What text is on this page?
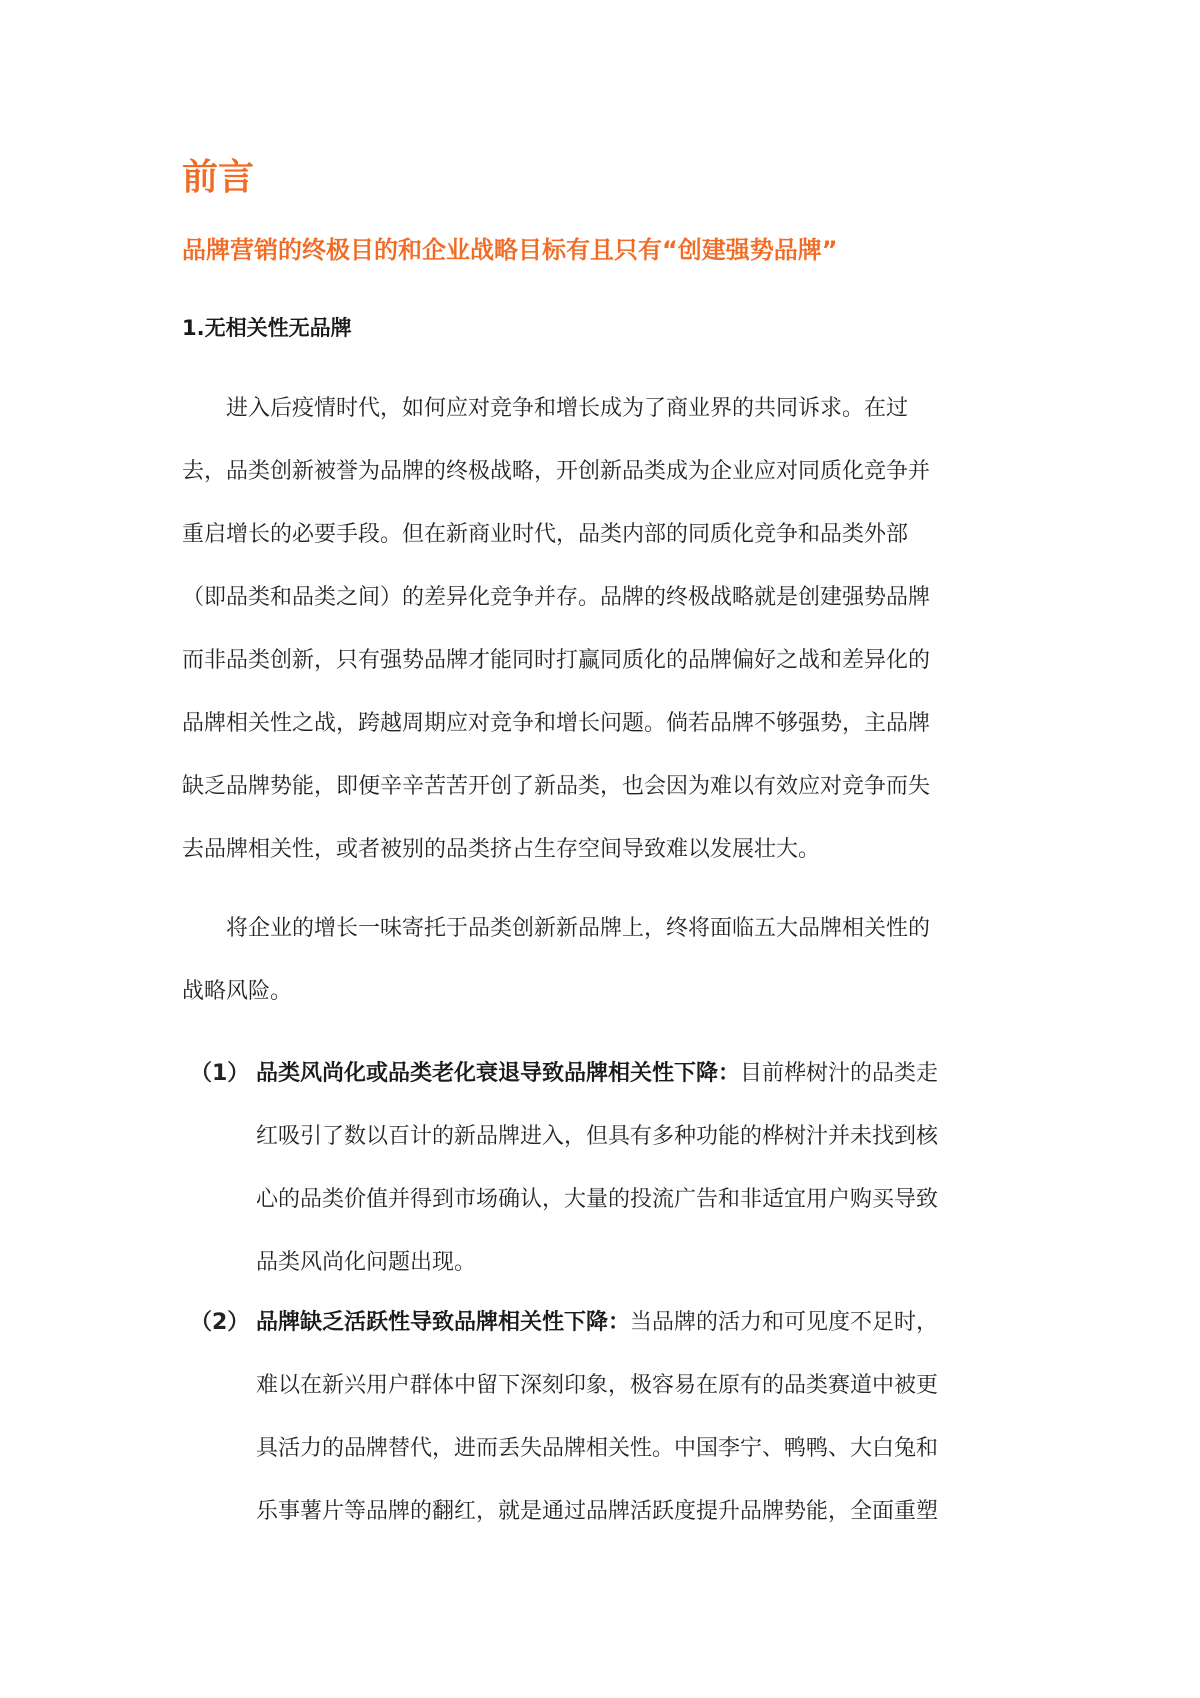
前言
品牌营销的终极目的和企业战略目标有且只有“创建强势品牌”
1.无相关性无品牌
　　进入后疫情时代，如何应对竞争和增长成为了商业界的共同诉求。在过
去，品类创新被誉为品牌的终极战略，开创新品类成为企业应对同质化竞争并
重启增长的必要手段。但在新商业时代，品类内部的同质化竞争和品类外部
（即品类和品类之间）的差异化竞争并存。品牌的终极战略就是创建强势品牌
而非品类创新，只有强势品牌才能同时打赢同质化的品牌偏好之战和差异化的
品牌相关性之战，跨越周期应对竞争和增长问题。倘若品牌不够强势，主品牌
缺乏品牌势能，即便辛辛苦苦开创了新品类，也会因为难以有效应对竞争而失
去品牌相关性，或者被别的品类挤占生存空间导致难以发展壮大。
　　将企业的增长一味寄托于品类创新新品牌上，终将面临五大品牌相关性的
战略风险。
（1） 品类风尚化或品类老化衰退导致品牌相关性下降：目前桦树汁的品类走
红吸引了数以百计的新品牌进入，但具有多种功能的桦树汁并未找到核
心的品类价值并得到市场确认，大量的投流广告和非适宜用户购买导致
品类风尚化问题出现。
（2） 品牌缺乏活跃性导致品牌相关性下降：当品牌的活力和可见度不足时，
难以在新兴用户群体中留下深刻印象，极容易在原有的品类赛道中被更
具活力的品牌替代，进而丢失品牌相关性。中国李宁、鸭鸭、大白兔和
乐事薯片等品牌的翻红，就是通过品牌活跃度提升品牌势能，全面重塑
